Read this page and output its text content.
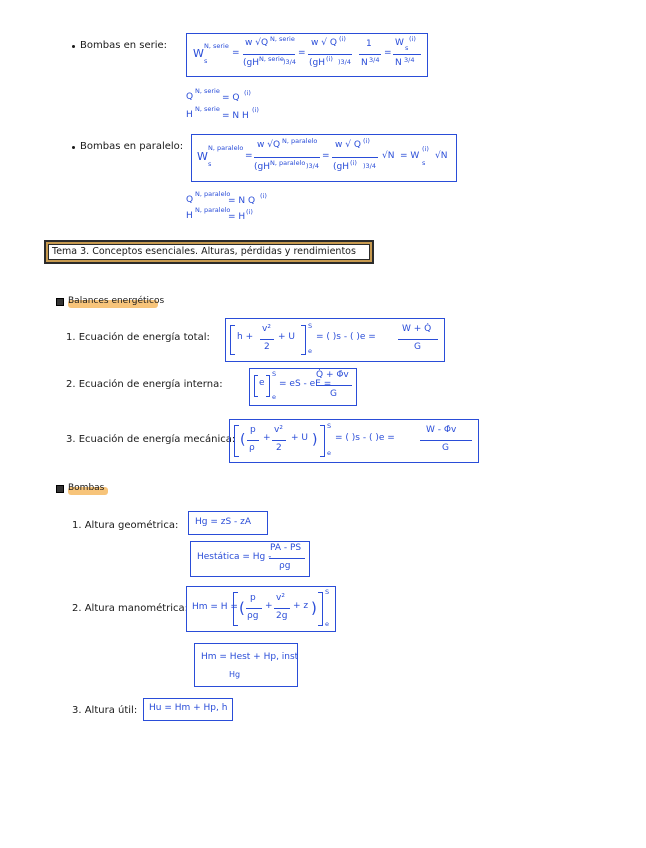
Bombas en serie:
W
N, serie
s
=
w √Q N, serie
(gH N, serie )3/4
=
w √ Q (i)
(gH (i) )3/4
1
N 3/4
=
W s
(i)
N 3/4
Q
N, serie
= Q (i)
H
N, serie
= N H
(i)
Bombas en paralelo:
W
N, paralelo
s
=
w √Q N, paralelo
(gH N, paralelo )3/4
=
w √ Q (i)
(gH (i) )3/4
√N = W
s
(i)
√N
Q
N, paralelo
= N Q (i)
H
N, paralelo
= H (i)
Tema 3. Conceptos esenciales. Alturas, pérdidas y rendimientos
Balances energéticos
1. Ecuación de energía total:	h +
v²
2
+ U
S
e
= ( )s - ( )e =
W + Q̇
G
2. Ecuación de energía interna:	e
S
e
= eS - eE =
Q̇ + Φ̇v
G
3. Ecuación de energía mecánica: (
p
ρ
+
v²
2
+ U )
S
e
= ( )s - ( )e =
W - Φ̇v
G
Bombas
1. Altura geométrica: Hg = zS - zA
Hestática = Hg -
PA - PS
ρg
2. Altura manométrica: Hm = H = (
p
ρg
+
v²
2g
+ z )
S
e
Hm = Hest + Hp, inst
Hg
3. Altura útil: Hu = Hm + Hp, h
